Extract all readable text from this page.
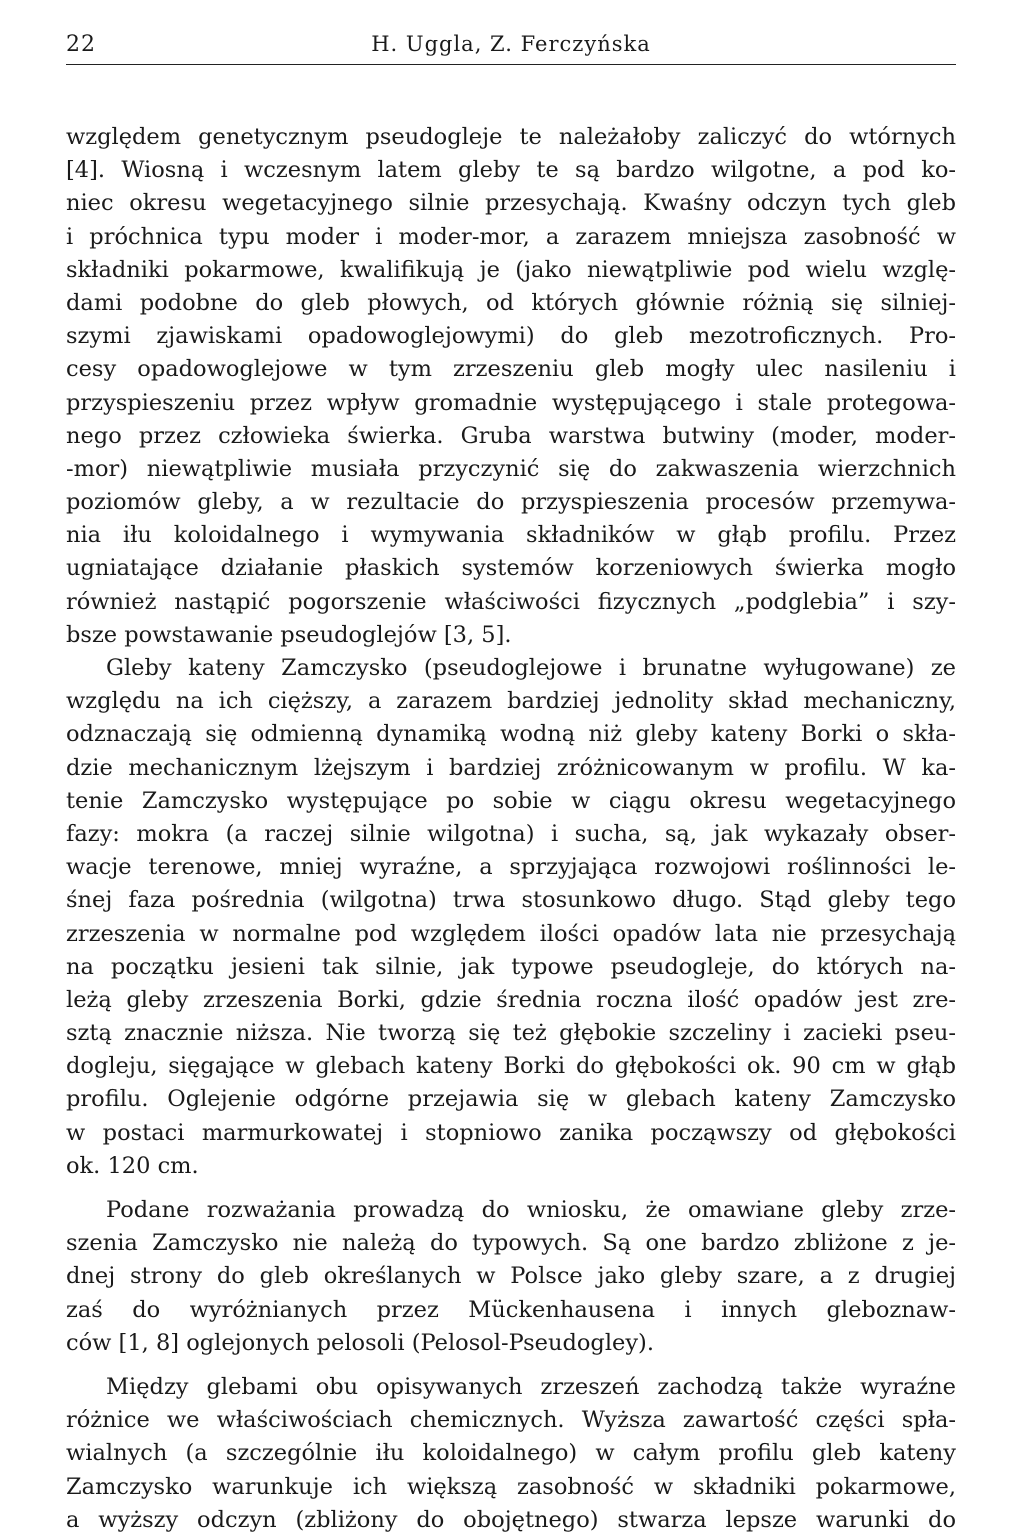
22	H. Uggla, Z. Ferczyńska
względem genetycznym pseudogleje te należałoby zaliczyć do wtórnych
[4]. Wiosną i wczesnym latem gleby te są bardzo wilgotne, a pod ko-
niec okresu wegetacyjnego silnie przesychają. Kwaśny odczyn tych gleb
i próchnica typu moder i moder-mor, a zarazem mniejsza zasobność w
składniki pokarmowe, kwalifikują je (jako niewątpliwie pod wielu wzglę-
dami podobne do gleb płowych, od których głównie różnią się silniej-
szymi zjawiskami opadowoglejowymi) do gleb mezotroficznych. Pro-
cesy opadowoglejowe w tym zrzeszeniu gleb mogły ulec nasileniu i
przyspieszeniu przez wpływ gromadnie występującego i stale protegowa-
nego przez człowieka świerka. Gruba warstwa butwiny (moder, moder-
-mor) niewątpliwie musiała przyczynić się do zakwaszenia wierzchnich
poziomów gleby, a w rezultacie do przyspieszenia procesów przemywa-
nia iłu koloidalnego i wymywania składników w głąb profilu. Przez
ugniatające działanie płaskich systemów korzeniowych świerka mogło
również nastąpić pogorszenie właściwości fizycznych „podglebia” i szy-
bsze powstawanie pseudoglejów [3, 5].
Gleby kateny Zamczysko (pseudoglejowe i brunatne wyługowane) ze
względu na ich cięższy, a zarazem bardziej jednolity skład mechaniczny,
odznaczają się odmienną dynamiką wodną niż gleby kateny Borki o skła-
dzie mechanicznym lżejszym i bardziej zróżnicowanym w profilu. W ka-
tenie Zamczysko występujące po sobie w ciągu okresu wegetacyjnego
fazy: mokra (a raczej silnie wilgotna) i sucha, są, jak wykazały obser-
wacje terenowe, mniej wyraźne, a sprzyjająca rozwojowi roślinności le-
śnej faza pośrednia (wilgotna) trwa stosunkowo długo. Stąd gleby tego
zrzeszenia w normalne pod względem ilości opadów lata nie przesychają
na początku jesieni tak silnie, jak typowe pseudogleje, do których na-
leżą gleby zrzeszenia Borki, gdzie średnia roczna ilość opadów jest zre-
sztą znacznie niższa. Nie tworzą się też głębokie szczeliny i zacieki pseu-
dogleju, sięgające w glebach kateny Borki do głębokości ok. 90 cm w głąb
profilu. Oglejenie odgórne przejawia się w glebach kateny Zamczysko
w postaci marmurkowatej i stopniowo zanika począwszy od głębokości
ok. 120 cm.
Podane rozważania prowadzą do wniosku, że omawiane gleby zrze-
szenia Zamczysko nie należą do typowych. Są one bardzo zbliżone z je-
dnej strony do gleb określanych w Polsce jako gleby szare, a z drugiej
zaś do wyróżnianych przez Mückenhausena i innych gleboznaw-
ców [1, 8] oglejonych pelosoli (Pelosol-Pseudogley).
Między glebami obu opisywanych zrzeszeń zachodzą także wyraźne
różnice we właściwościach chemicznych. Wyższa zawartość części spła-
wialnych (a szczególnie iłu koloidalnego) w całym profilu gleb kateny
Zamczysko warunkuje ich większą zasobność w składniki pokarmowe,
a wyższy odczyn (zbliżony do obojętnego) stwarza lepsze warunki do
